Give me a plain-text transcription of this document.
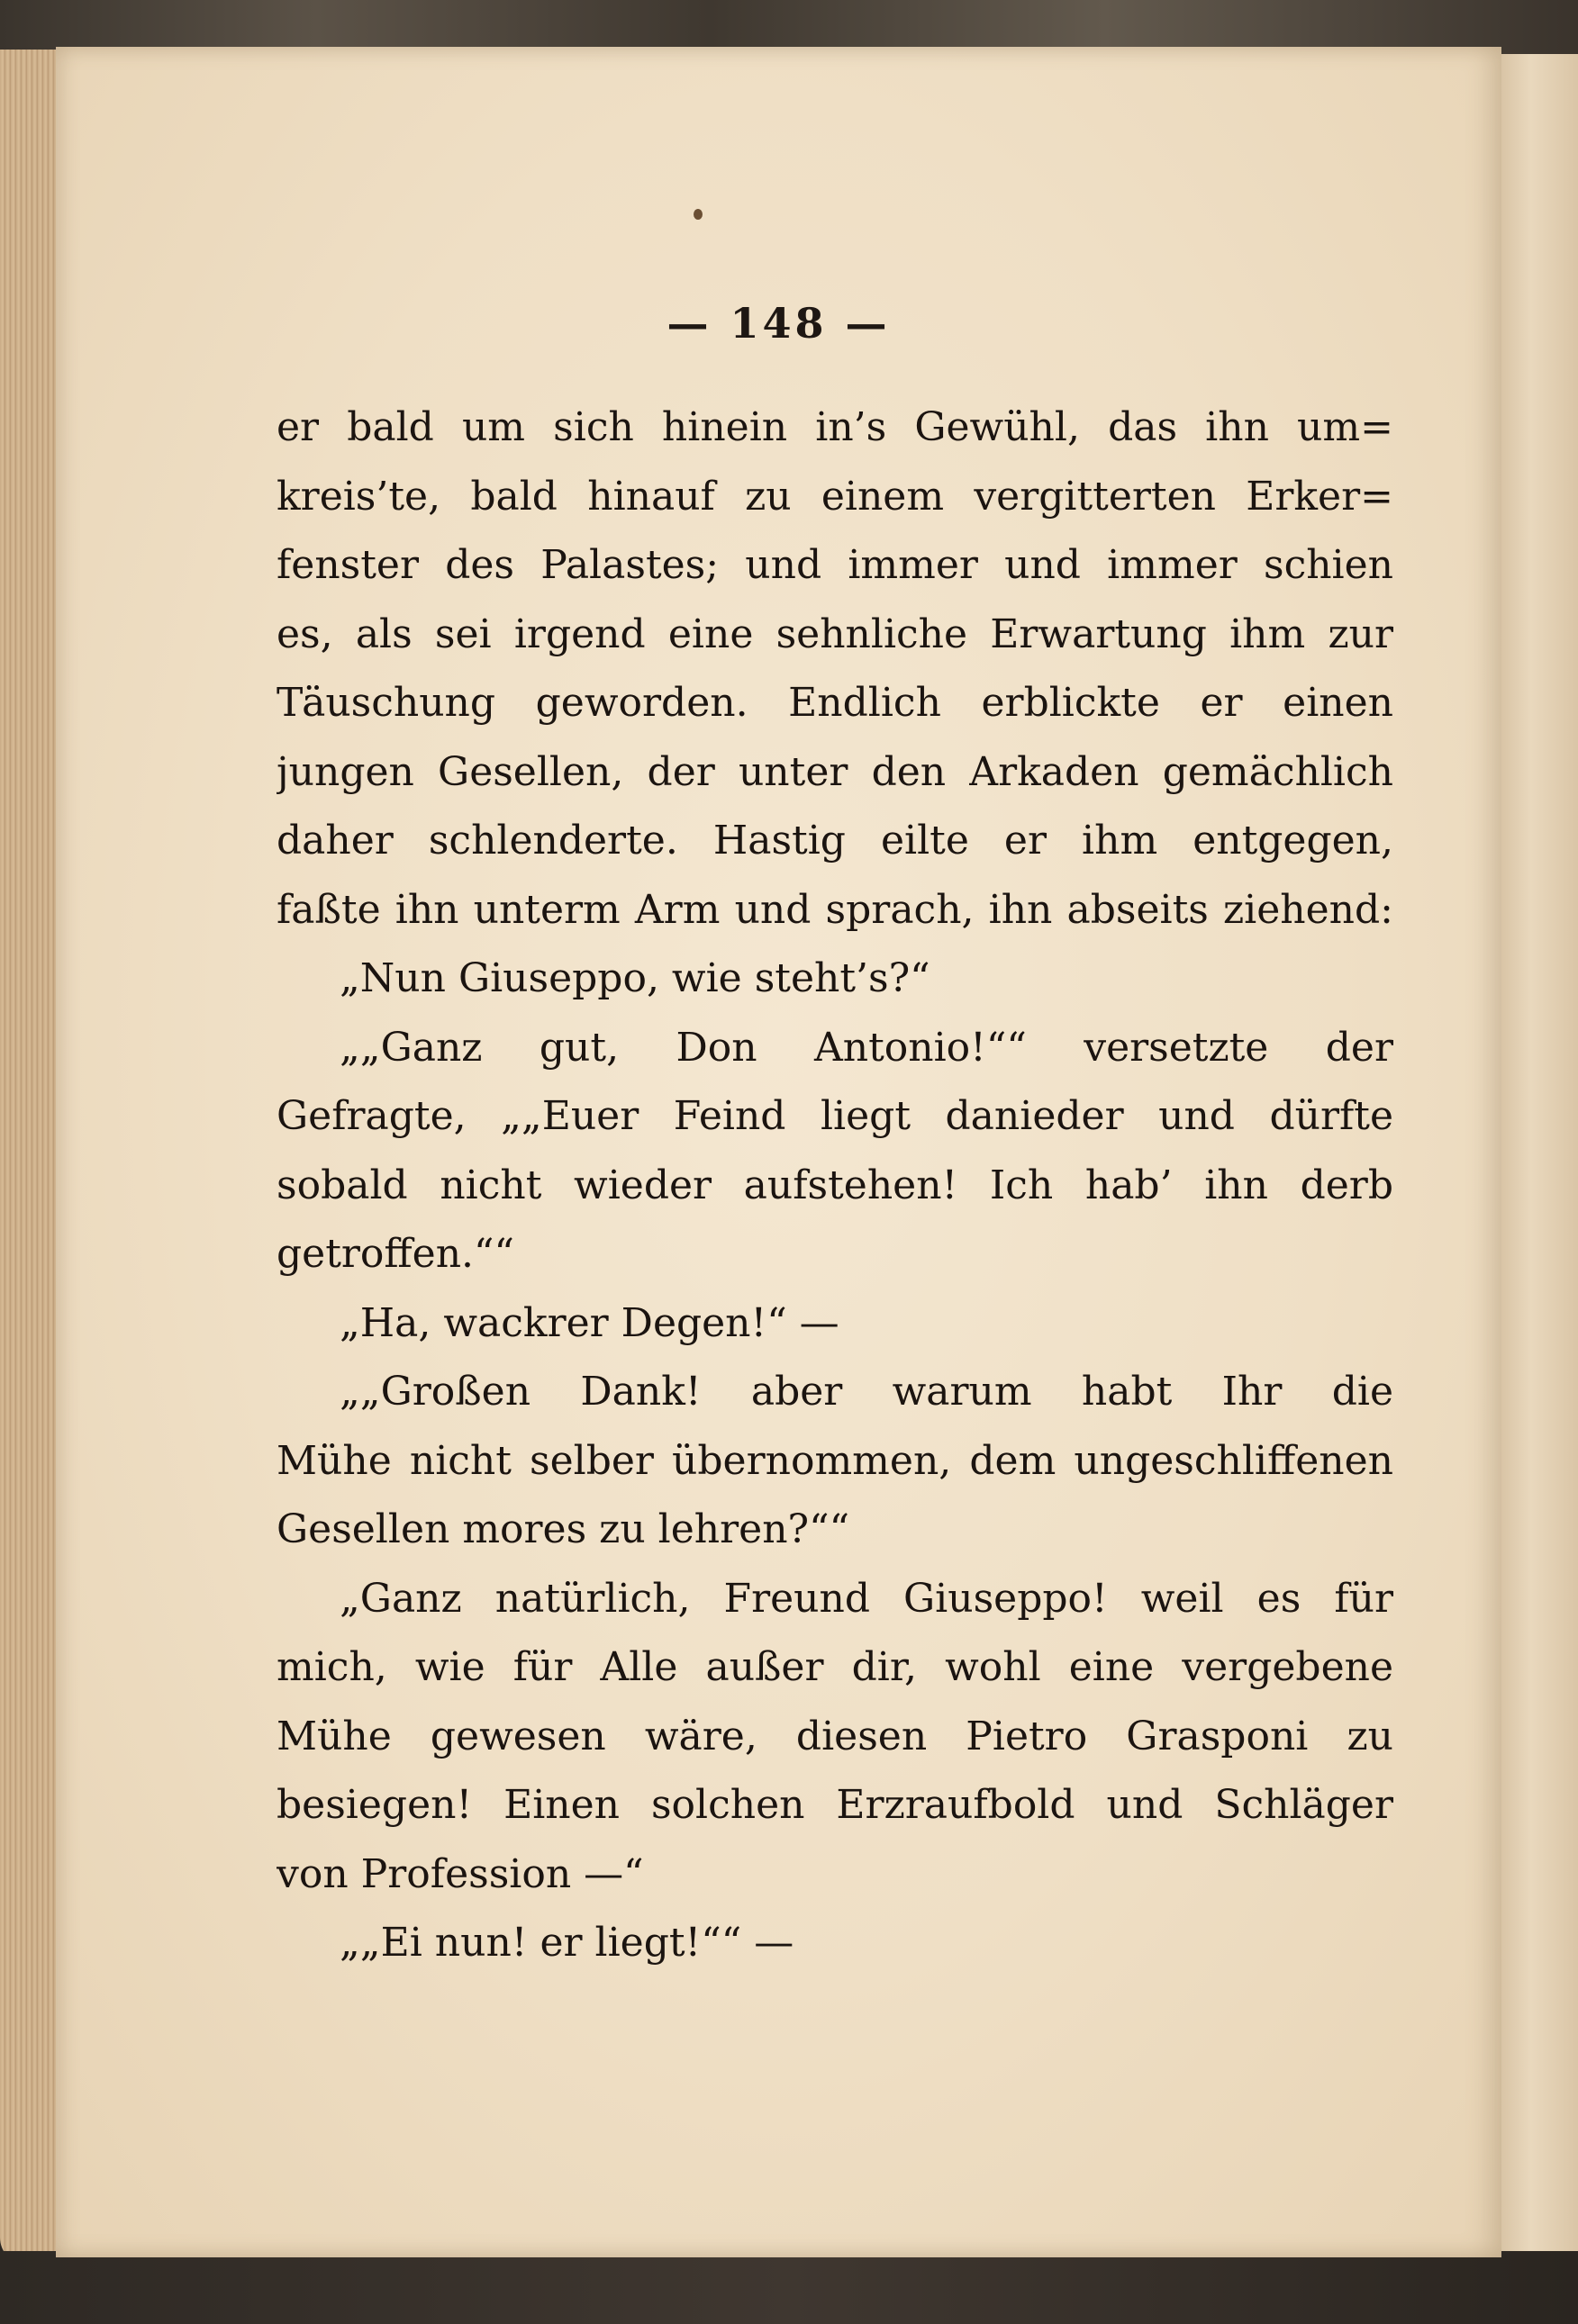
— 148 —
er bald um sich hinein in’s Gewühl, das ihn um=
kreis’te, bald hinauf zu einem vergitterten Erker=
fenster des Palastes; und immer und immer schien
es, als sei irgend eine sehnliche Erwartung ihm zur
Täuschung geworden. Endlich erblickte er einen
jungen Gesellen, der unter den Arkaden gemächlich
daher schlenderte. Hastig eilte er ihm entgegen,
faßte ihn unterm Arm und sprach, ihn abseits ziehend:
„Nun Giuseppo, wie steht’s?“
„„Ganz gut, Don Antonio!““ versetzte der
Gefragte, „„Euer Feind liegt danieder und dürfte
sobald nicht wieder aufstehen! Ich hab’ ihn derb
getroffen.““
„Ha, wackrer Degen!“ —
„„Großen Dank! aber warum habt Ihr die
Mühe nicht selber übernommen, dem ungeschliffenen
Gesellen mores zu lehren?““
„Ganz natürlich, Freund Giuseppo! weil es für
mich, wie für Alle außer dir, wohl eine vergebene
Mühe gewesen wäre, diesen Pietro Grasponi zu
besiegen! Einen solchen Erzraufbold und Schläger
von Profession —“
„„Ei nun! er liegt!““ —
